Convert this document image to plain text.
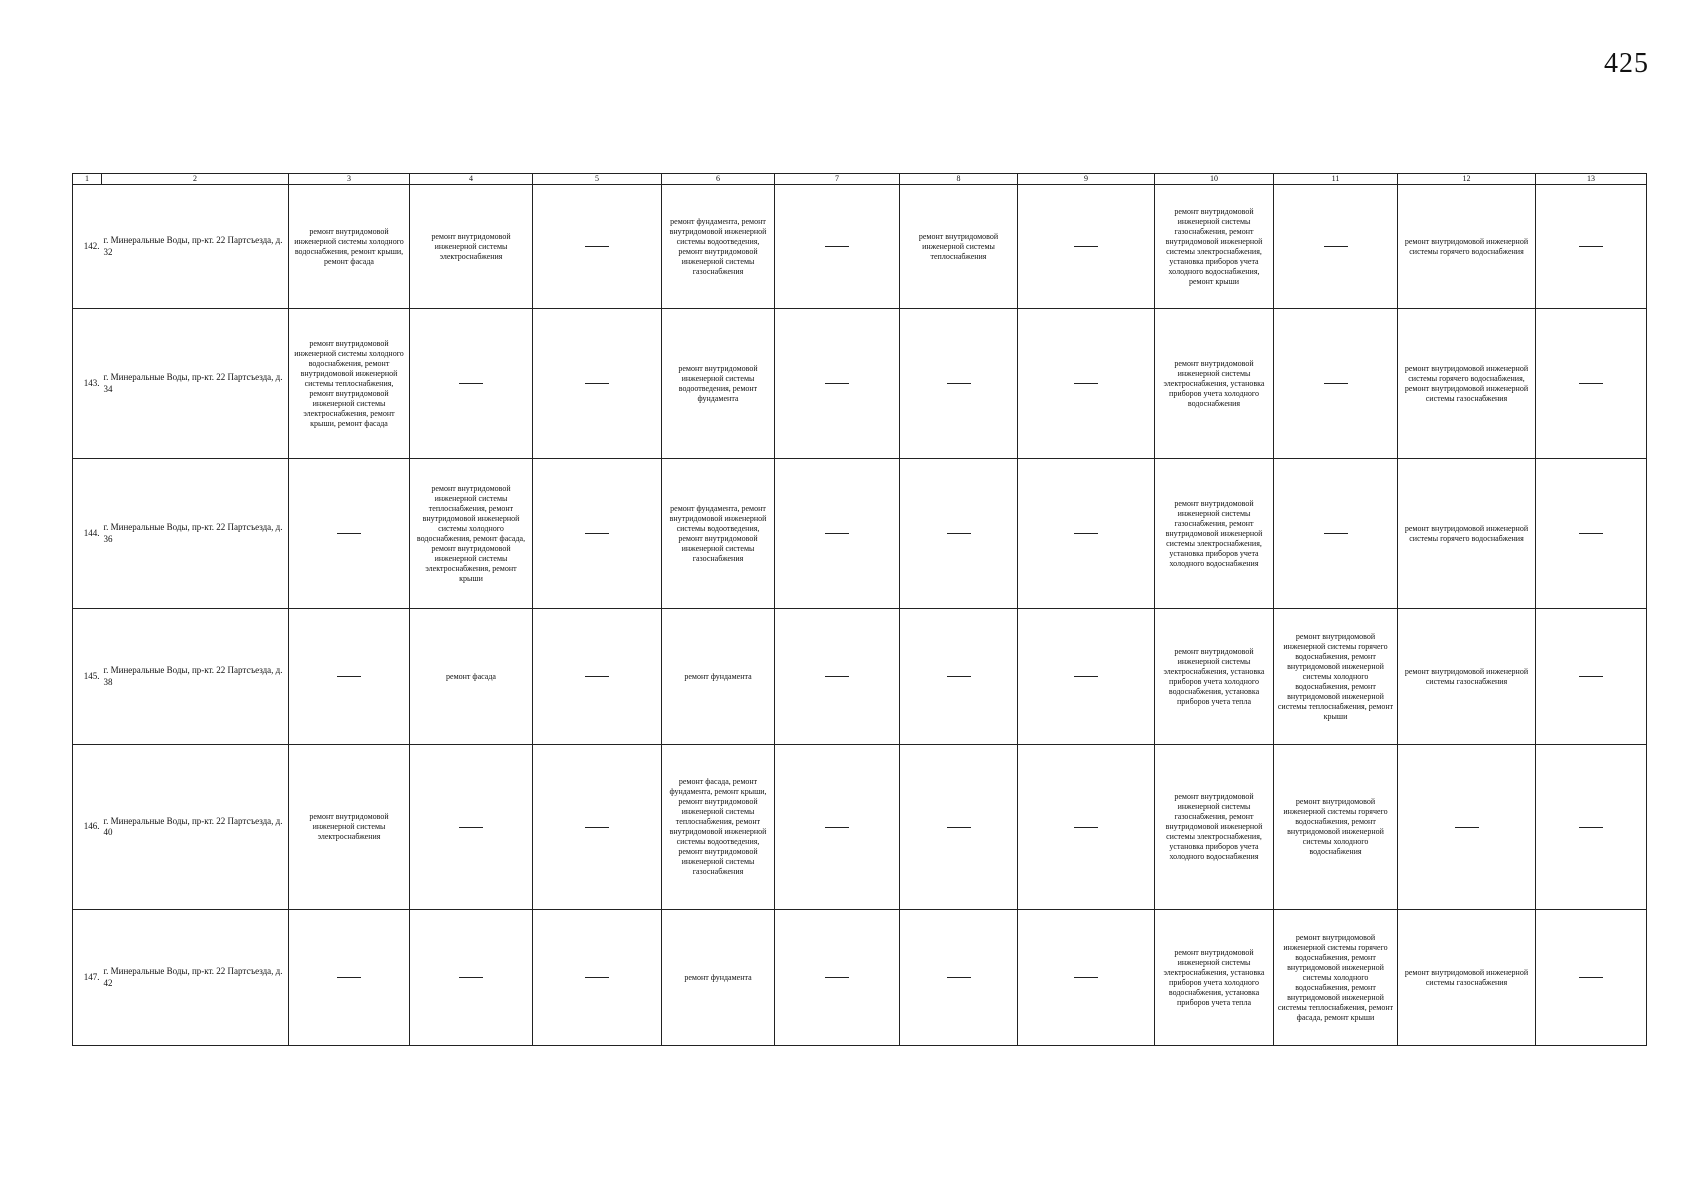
425
1	2	3	4	5	6	7	8	9	10	11	12	13
142.	г. Минеральные Воды, пр-кт. 22 Партсъезда, д. 32	ремонт внутридомовой инженерной системы холодного водоснабжения, ремонт крыши, ремонт фасада	ремонт внутридомовой инженерной системы электроснабжения		ремонт фундамента, ремонт внутридомовой инженерной системы водоотведения, ремонт внутридомовой инженерной системы газоснабжения		ремонт внутридомовой инженерной системы теплоснабжения		ремонт внутридомовой инженерной системы газоснабжения, ремонт внутридомовой инженерной системы электроснабжения, установка приборов учета холодного водоснабжения, ремонт крыши		ремонт внутридомовой инженерной системы горячего водоснабжения	
143.	г. Минеральные Воды, пр-кт. 22 Партсъезда, д. 34	ремонт внутридомовой инженерной системы холодного водоснабжения, ремонт внутридомовой инженерной системы теплоснабжения, ремонт внутридомовой инженерной системы электроснабжения, ремонт крыши, ремонт фасада			ремонт внутридомовой инженерной системы водоотведения, ремонт фундамента				ремонт внутридомовой инженерной системы электроснабжения, установка приборов учета холодного водоснабжения		ремонт внутридомовой инженерной системы горячего водоснабжения, ремонт внутридомовой инженерной системы газоснабжения	
144.	г. Минеральные Воды, пр-кт. 22 Партсъезда, д. 36		ремонт внутридомовой инженерной системы теплоснабжения, ремонт внутридомовой инженерной системы холодного водоснабжения, ремонт фасада, ремонт внутридомовой инженерной системы электроснабжения, ремонт крыши		ремонт фундамента, ремонт внутридомовой инженерной системы водоотведения, ремонт внутридомовой инженерной системы газоснабжения				ремонт внутридомовой инженерной системы газоснабжения, ремонт внутридомовой инженерной системы электроснабжения, установка приборов учета холодного водоснабжения		ремонт внутридомовой инженерной системы горячего водоснабжения	
145.	г. Минеральные Воды, пр-кт. 22 Партсъезда, д. 38		ремонт фасада		ремонт фундамента				ремонт внутридомовой инженерной системы электроснабжения, установка приборов учета холодного водоснабжения, установка приборов учета тепла	ремонт внутридомовой инженерной системы горячего водоснабжения, ремонт внутридомовой инженерной системы холодного водоснабжения, ремонт внутридомовой инженерной системы теплоснабжения, ремонт крыши	ремонт внутридомовой инженерной системы газоснабжения	
146.	г. Минеральные Воды, пр-кт. 22 Партсъезда, д. 40	ремонт внутридомовой инженерной системы электроснабжения			ремонт фасада, ремонт фундамента, ремонт крыши, ремонт внутридомовой инженерной системы теплоснабжения, ремонт внутридомовой инженерной системы водоотведения, ремонт внутридомовой инженерной системы газоснабжения				ремонт внутридомовой инженерной системы газоснабжения, ремонт внутридомовой инженерной системы электроснабжения, установка приборов учета холодного водоснабжения	ремонт внутридомовой инженерной системы горячего водоснабжения, ремонт внутридомовой инженерной системы холодного водоснабжения		
147.	г. Минеральные Воды, пр-кт. 22 Партсъезда, д. 42				ремонт фундамента				ремонт внутридомовой инженерной системы электроснабжения, установка приборов учета холодного водоснабжения, установка приборов учета тепла	ремонт внутридомовой инженерной системы горячего водоснабжения, ремонт внутридомовой инженерной системы холодного водоснабжения, ремонт внутридомовой инженерной системы теплоснабжения, ремонт фасада, ремонт крыши	ремонт внутридомовой инженерной системы газоснабжения	
